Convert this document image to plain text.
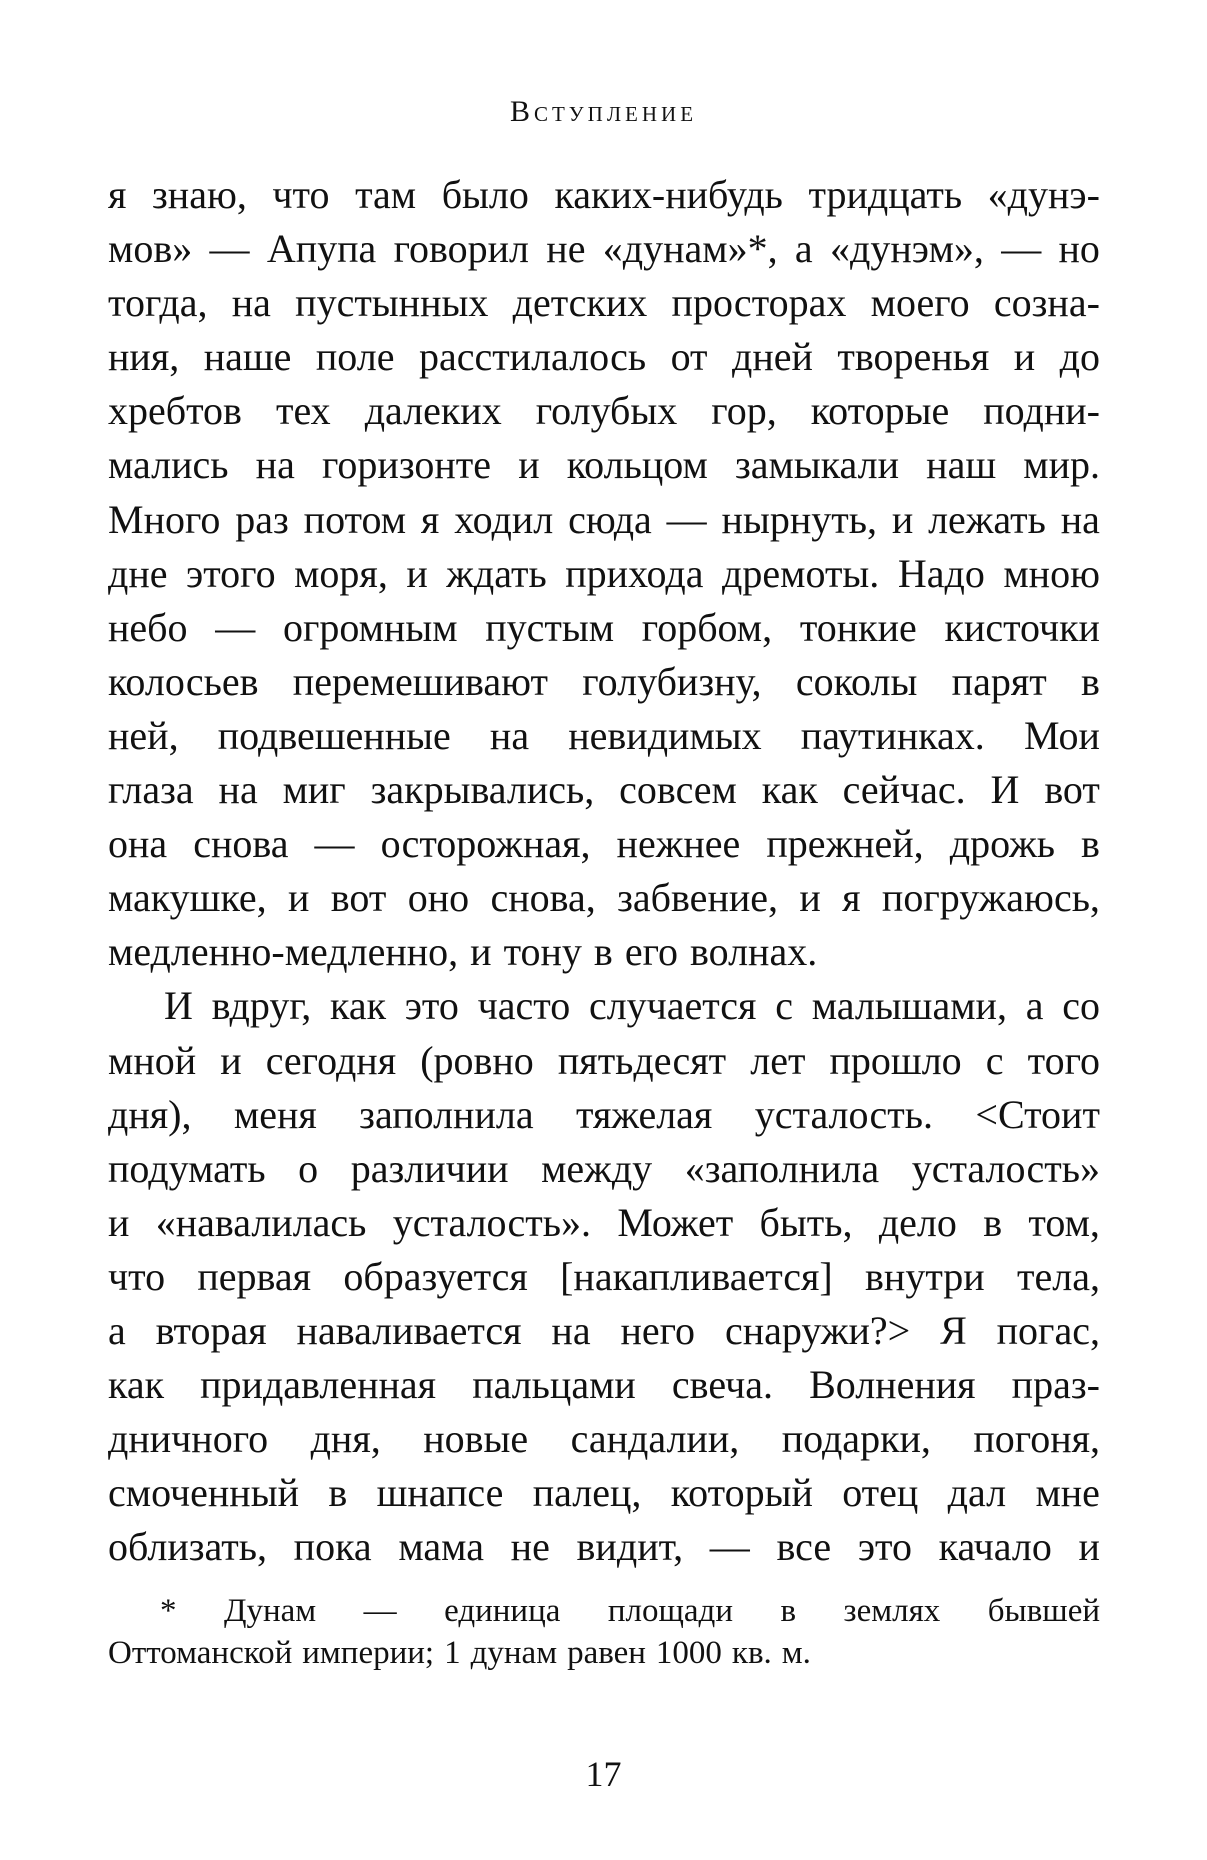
Вступление
я знаю, что там было каких-нибудь тридцать «дунэ-
мов» — Апупа говорил не «дунам»*, а «дунэм», — но
тогда, на пустынных детских просторах моего созна-
ния, наше поле расстилалось от дней творенья и до
хребтов тех далеких голубых гор, которые подни-
мались на горизонте и кольцом замыкали наш мир.
Много раз потом я ходил сюда — нырнуть, и лежать на
дне этого моря, и ждать прихода дремоты. Надо мною
небо — огромным пустым горбом, тонкие кисточки
колосьев перемешивают голубизну, соколы парят в
ней, подвешенные на невидимых паутинках. Мои
глаза на миг закрывались, совсем как сейчас. И вот
она снова — осторожная, нежнее прежней, дрожь в
макушке, и вот оно снова, забвение, и я погружаюсь,
медленно-медленно, и тону в его волнах.
И вдруг, как это часто случается с малышами, а со
мной и сегодня (ровно пятьдесят лет прошло с того
дня), меня заполнила тяжелая усталость. <Стоит
подумать о различии между «заполнила усталость»
и «навалилась усталость». Может быть, дело в том,
что первая образуется [накапливается] внутри тела,
а вторая наваливается на него снаружи?> Я погас,
как придавленная пальцами свеча. Волнения праз-
дничного дня, новые сандалии, подарки, погоня,
смоченный в шнапсе палец, который отец дал мне
облизать, пока мама не видит, — все это качало и
* Дунам — единица площади в землях бывшей
Оттоманской империи; 1 дунам равен 1000 кв. м.
17
